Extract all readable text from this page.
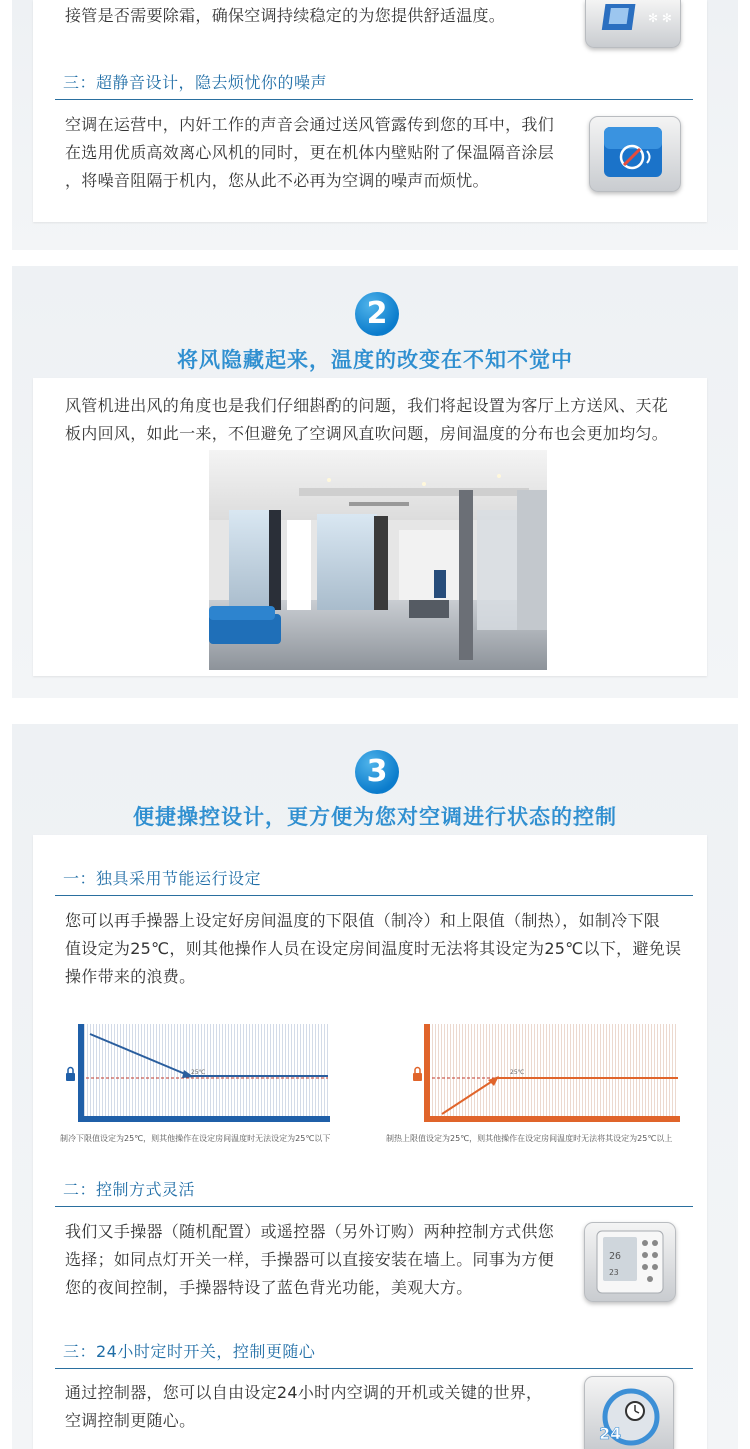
接管是否需要除霜，确保空调持续稳定的为您提供舒适温度。	✻ ✻
三：超静音设计，隐去烦忧你的噪声
空调在运营中，内奸工作的声音会通过送风管露传到您的耳中，我们
在选用优质高效离心风机的同时，更在机体内壁贴附了保温隔音涂层
，将噪音阻隔于机内，您从此不必再为空调的噪声而烦忧。
2
将风隐藏起来，温度的改变在不知不觉中
风管机进出风的角度也是我们仔细斟酌的问题，我们将起设置为客厅上方送风、天花
板内回风，如此一来，不但避免了空调风直吹问题，房间温度的分布也会更加均匀。
3
便捷操控设计，更方便为您对空调进行状态的控制
一：独具采用节能运行设定
您可以再手操器上设定好房间温度的下限值（制冷）和上限值（制热），如制冷下限
值设定为25℃，则其他操作人员在设定房间温度时无法将其设定为25℃以下，避免误
操作带来的浪费。
25℃
制冷下限值设定为25℃，则其他操作在设定房间温度时无法设定为25℃以下
25℃
制热上限值设定为25℃，则其他操作在设定房间温度时无法将其设定为25℃以上
二：控制方式灵活
我们又手操器（随机配置）或遥控器（另外订购）两种控制方式供您
选择；如同点灯开关一样，手操器可以直接安装在墙上。同事为方便
您的夜间控制，手操器特设了蓝色背光功能，美观大方。
26
23
三：24小时定时开关，控制更随心
通过控制器，您可以自由设定24小时内空调的开机或关键的世界，
空调控制更随心。
24
